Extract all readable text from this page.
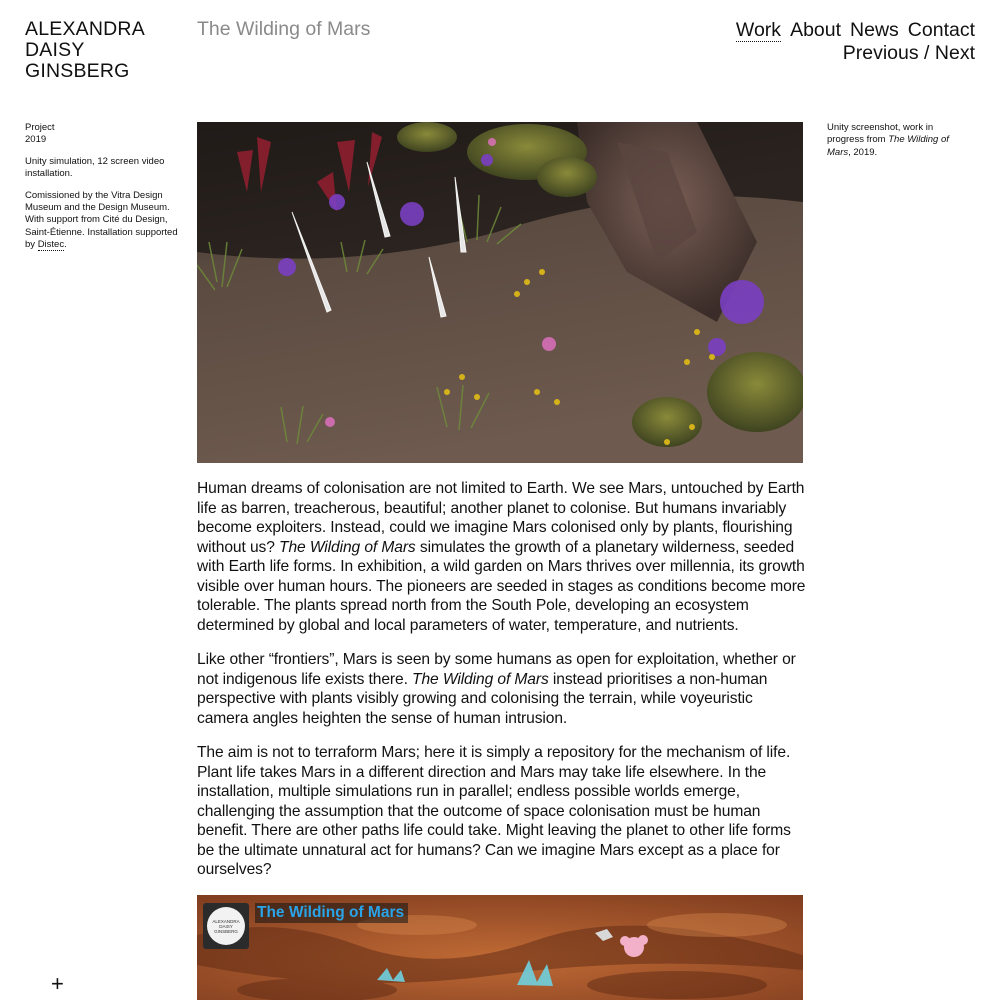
ALEXANDRA
DAISY
GINSBERG
The Wilding of Mars	Work About News Contact
Previous / Next

Project
2019

Unity simulation, 12 screen video installation.

Comissioned by the Vitra Design Museum and the Design Museum. With support from Cité du Design, Saint-Étienne. Installation supported by Distec.

Unity screenshot, work in progress from The Wilding of Mars, 2019.

Human dreams of colonisation are not limited to Earth. We see Mars, untouched by Earth life as barren, treacherous, beautiful; another planet to colonise. But humans invariably become exploiters. Instead, could we imagine Mars colonised only by plants, flourishing without us? The Wilding of Mars simulates the growth of a planetary wilderness, seeded with Earth life forms. In exhibition, a wild garden on Mars thrives over millennia, its growth visible over human hours. The pioneers are seeded in stages as conditions become more tolerable. The plants spread north from the South Pole, developing an ecosystem determined by global and local parameters of water, temperature, and nutrients.

Like other “frontiers”, Mars is seen by some humans as open for exploitation, whether or not indigenous life exists there. The Wilding of Mars instead prioritises a non-human perspective with plants visibly growing and colonising the terrain, while voyeuristic camera angles heighten the sense of human intrusion.

The aim is not to terraform Mars; here it is simply a repository for the mechanism of life. Plant life takes Mars in a different direction and Mars may take life elsewhere. In the installation, multiple simulations run in parallel; endless possible worlds emerge, challenging the assumption that the outcome of space colonisation must be human benefit. There are other paths life could take. Might leaving the planet to other life forms be the ultimate unnatural act for humans? Can we imagine Mars except as a place for ourselves?

ALEXANDRA
DAISY
GINSBERG
The Wilding of Mars
+
